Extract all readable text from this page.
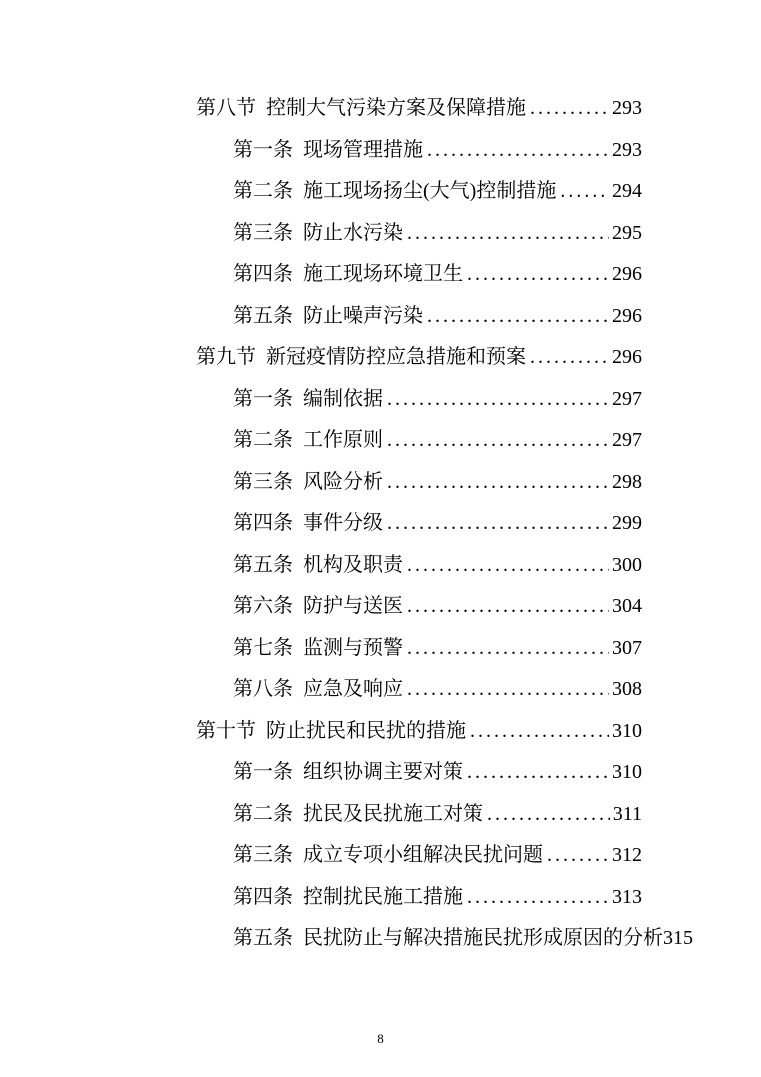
第八节 控制大气污染方案及保障措施 .....	293
第一条 现场管理措施 .....	293
第二条 施工现场扬尘(大气)控制措施 .....	294
第三条 防止水污染 .....	295
第四条 施工现场环境卫生 .....	296
第五条 防止噪声污染 .....	296
第九节 新冠疫情防控应急措施和预案 .....	296
第一条 编制依据 .....	297
第二条 工作原则 .....	297
第三条 风险分析 .....	298
第四条 事件分级 .....	299
第五条 机构及职责 .....	300
第六条 防护与送医 .....	304
第七条 监测与预警 .....	307
第八条 应急及响应 .....	308
第十节 防止扰民和民扰的措施 .....	310
第一条 组织协调主要对策 .....	310
第二条 扰民及民扰施工对策 .....	311
第三条 成立专项小组解决民扰问题 .....	312
第四条 控制扰民施工措施 .....	313
第五条 民扰防止与解决措施民扰形成原因的分析 315
8
